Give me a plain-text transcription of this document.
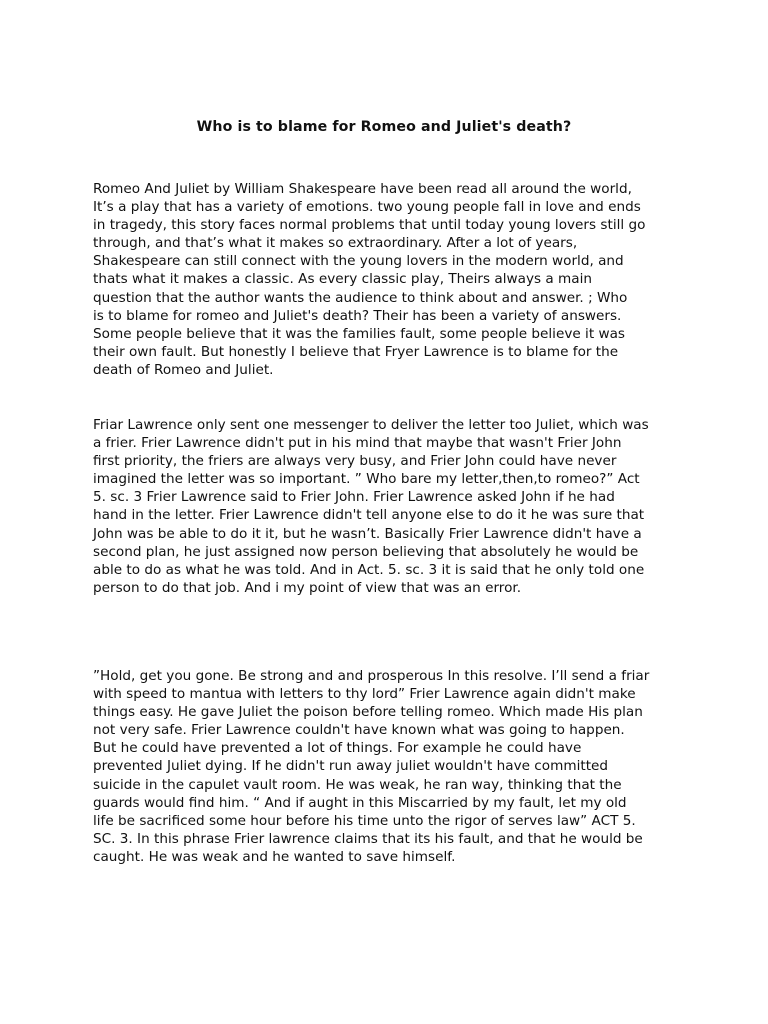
Who is to blame for Romeo and Juliet's death?

Romeo And Juliet by William Shakespeare have been read all around the world,
It’s a play that has a variety of emotions. two young people fall in love and ends
in tragedy, this story faces normal problems that until today young lovers still go
through, and that’s what it makes so extraordinary. After a lot of years,
Shakespeare can still connect with the young lovers in the modern world, and
thats what it makes a classic. As every classic play, Theirs always a main
question that the author wants the audience to think about and answer. ; Who
is to blame for romeo and Juliet's death? Their has been a variety of answers.
Some people believe that it was the families fault, some people believe it was
their own fault. But honestly I believe that Fryer Lawrence is to blame for the
death of Romeo and Juliet.

Friar Lawrence only sent one messenger to deliver the letter too Juliet, which was
a frier. Frier Lawrence didn't put in his mind that maybe that wasn't Frier John
first priority, the friers are always very busy, and Frier John could have never
imagined the letter was so important. ” Who bare my letter,then,to romeo?” Act
5. sc. 3 Frier Lawrence said to Frier John. Frier Lawrence asked John if he had
hand in the letter. Frier Lawrence didn't tell anyone else to do it he was sure that
John was be able to do it it, but he wasn’t. Basically Frier Lawrence didn't have a
second plan, he just assigned now person believing that absolutely he would be
able to do as what he was told. And in Act. 5. sc. 3 it is said that he only told one
person to do that job. And i my point of view that was an error.

”Hold, get you gone. Be strong and and prosperous In this resolve. I’ll send a friar
with speed to mantua with letters to thy lord” Frier Lawrence again didn't make
things easy. He gave Juliet the poison before telling romeo. Which made His plan
not very safe. Frier Lawrence couldn't have known what was going to happen.
But he could have prevented a lot of things. For example he could have
prevented Juliet dying. If he didn't run away juliet wouldn't have committed
suicide in the capulet vault room. He was weak, he ran way, thinking that the
guards would find him. “ And if aught in this Miscarried by my fault, let my old
life be sacrificed some hour before his time unto the rigor of serves law” ACT 5.
SC. 3. In this phrase Frier lawrence claims that its his fault, and that he would be
caught. He was weak and he wanted to save himself.
